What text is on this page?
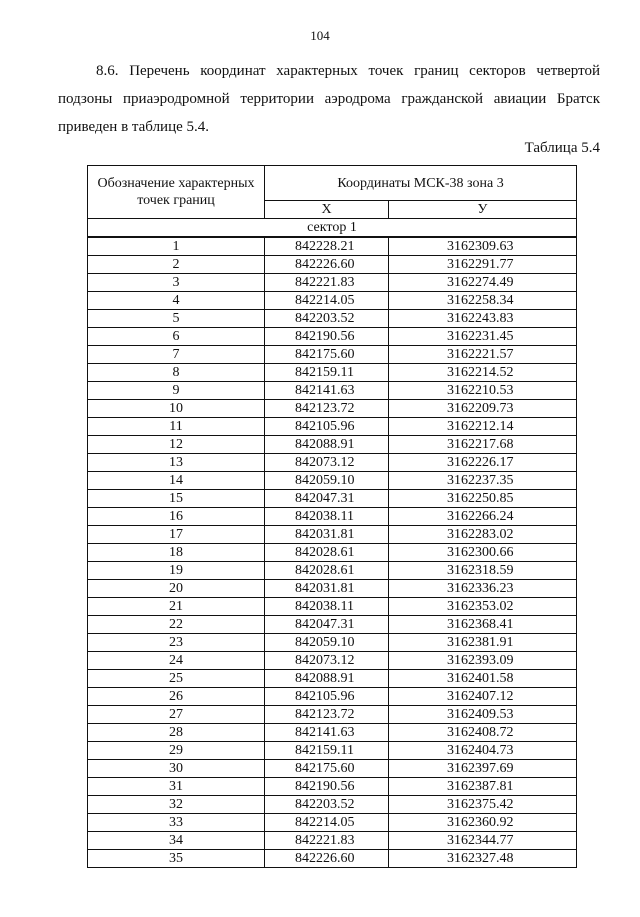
104
8.6. Перечень координат характерных точек границ секторов четвертой подзоны приаэродромной территории аэродрома гражданской авиации Братск приведен в таблице 5.4.
Таблица 5.4
Обозначение характерных точек границ	Координаты МСК-38 зона 3	
	X	У
сектор 1		
1	842228.21	3162309.63
2	842226.60	3162291.77
3	842221.83	3162274.49
4	842214.05	3162258.34
5	842203.52	3162243.83
6	842190.56	3162231.45
7	842175.60	3162221.57
8	842159.11	3162214.52
9	842141.63	3162210.53
10	842123.72	3162209.73
11	842105.96	3162212.14
12	842088.91	3162217.68
13	842073.12	3162226.17
14	842059.10	3162237.35
15	842047.31	3162250.85
16	842038.11	3162266.24
17	842031.81	3162283.02
18	842028.61	3162300.66
19	842028.61	3162318.59
20	842031.81	3162336.23
21	842038.11	3162353.02
22	842047.31	3162368.41
23	842059.10	3162381.91
24	842073.12	3162393.09
25	842088.91	3162401.58
26	842105.96	3162407.12
27	842123.72	3162409.53
28	842141.63	3162408.72
29	842159.11	3162404.73
30	842175.60	3162397.69
31	842190.56	3162387.81
32	842203.52	3162375.42
33	842214.05	3162360.92
34	842221.83	3162344.77
35	842226.60	3162327.48
